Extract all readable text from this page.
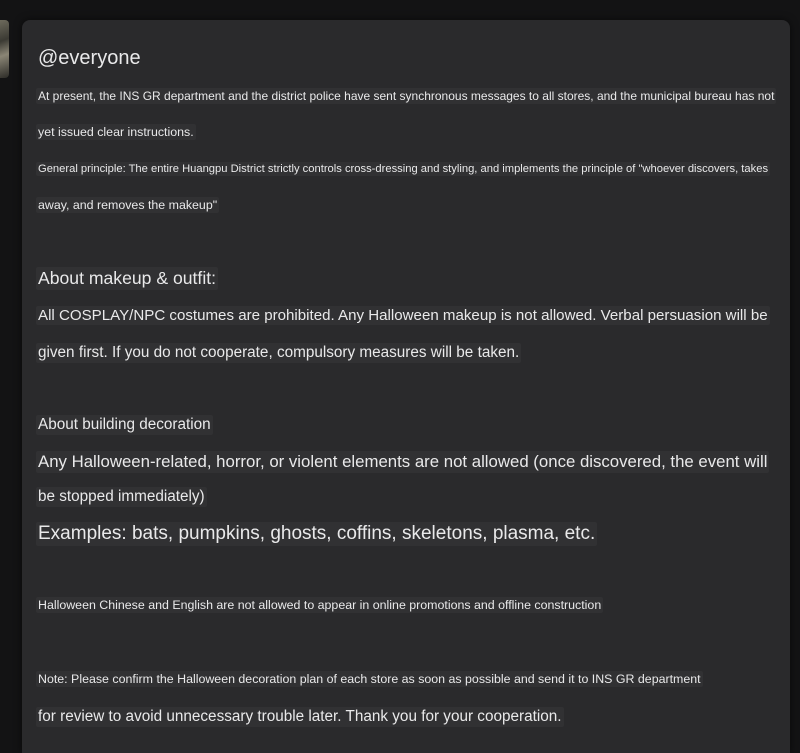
@everyone
At present, the INS GR department and the district police have sent synchronous messages to all stores, and the municipal bureau has not
yet issued clear instructions.
General principle: The entire Huangpu District strictly controls cross-dressing and styling, and implements the principle of "whoever discovers, takes
away, and removes the makeup"
About makeup & outfit:
All COSPLAY/NPC costumes are prohibited. Any Halloween makeup is not allowed. Verbal persuasion will be
given first. If you do not cooperate, compulsory measures will be taken.
About building decoration
Any Halloween-related, horror, or violent elements are not allowed (once discovered, the event will
be stopped immediately)
Examples: bats, pumpkins, ghosts, coffins, skeletons, plasma, etc.
Halloween Chinese and English are not allowed to appear in online promotions and offline construction
Note: Please confirm the Halloween decoration plan of each store as soon as possible and send it to INS GR department
for review to avoid unnecessary trouble later. Thank you for your cooperation.
